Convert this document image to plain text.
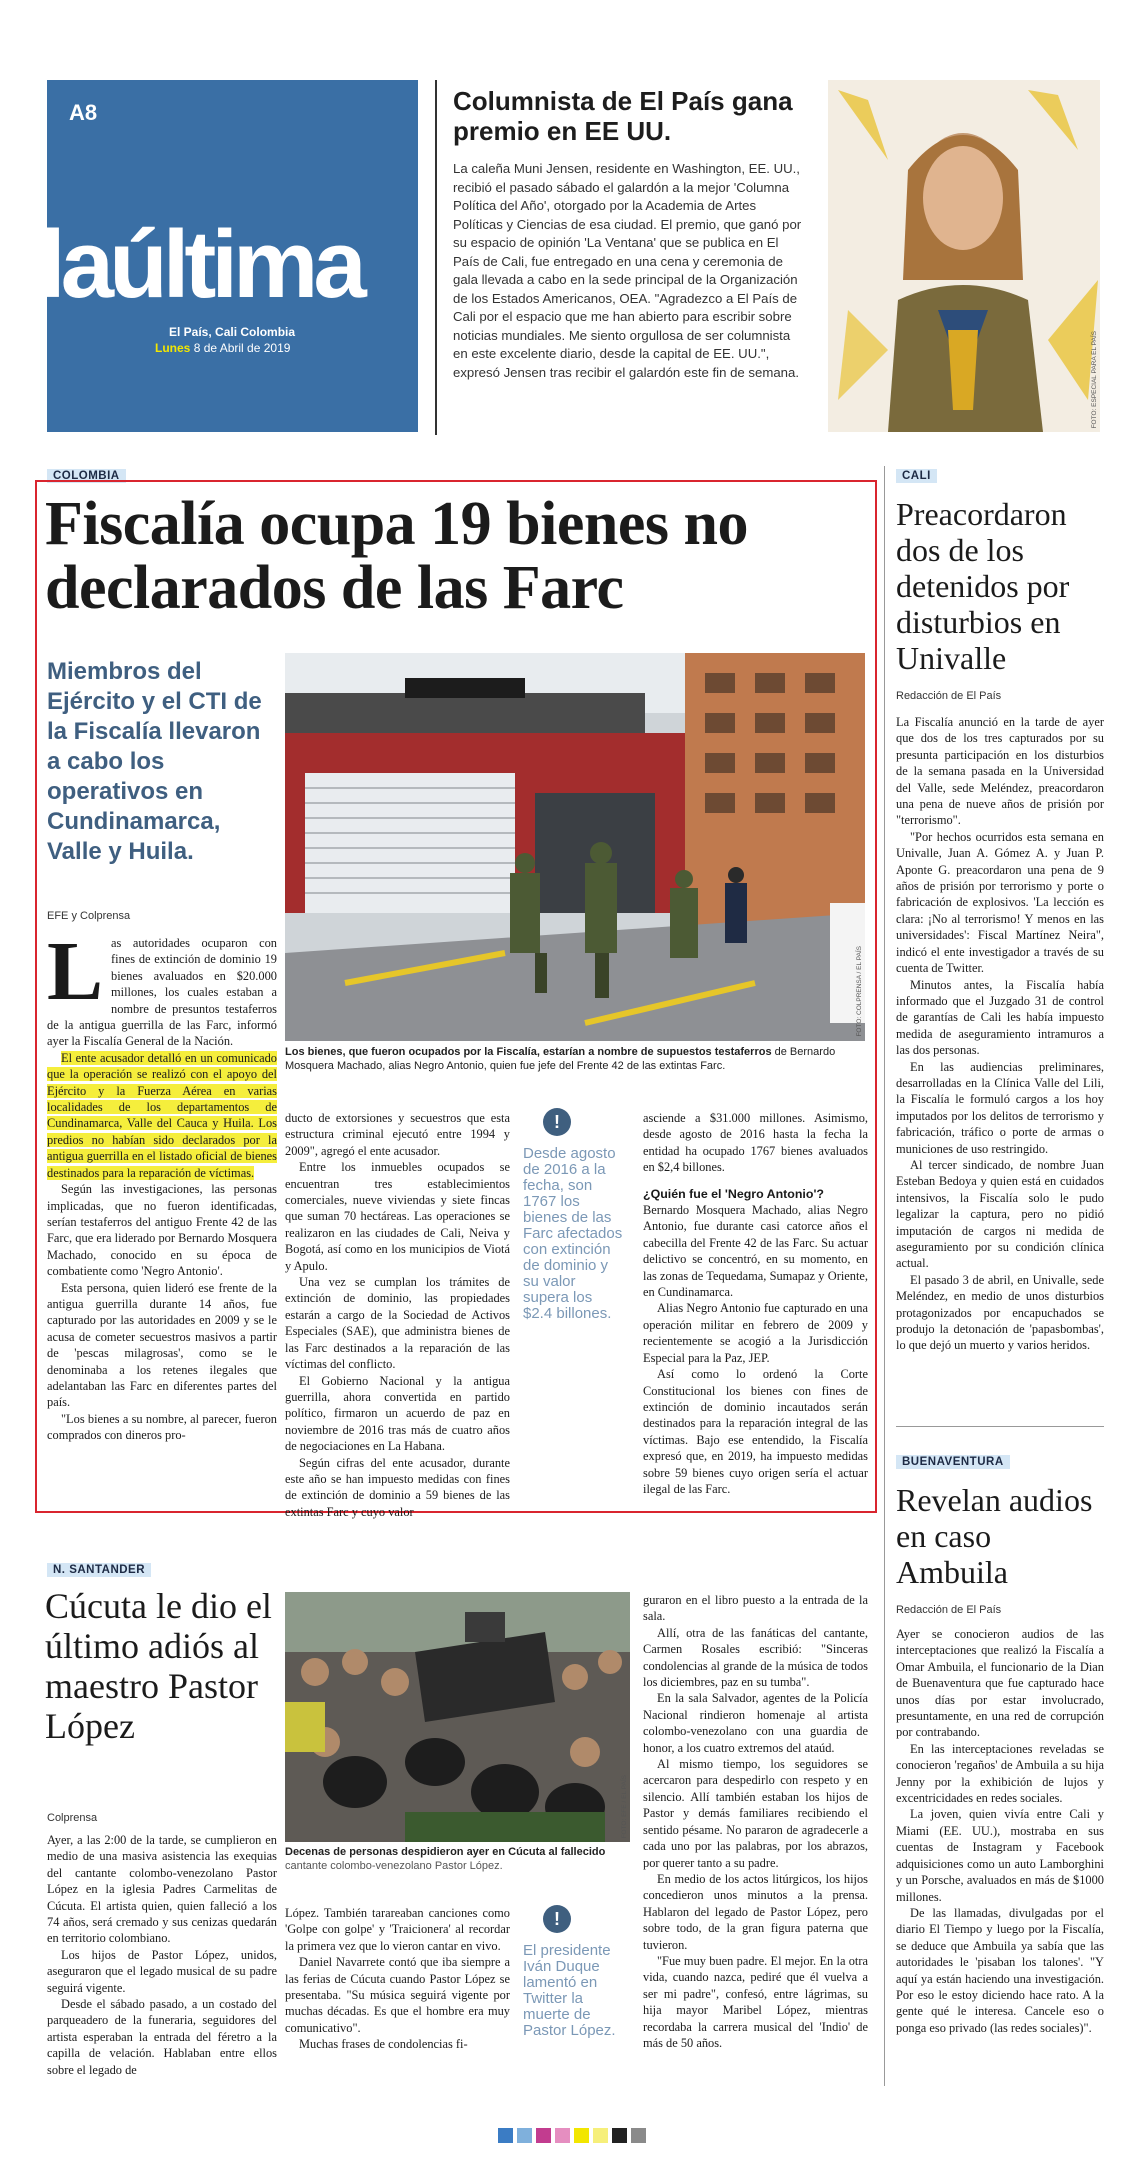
A8
laúltima
El País, Cali Colombia
Lunes 8 de Abril de 2019
Columnista de El País gana premio en EE UU.
La caleña Muni Jensen, residente en Washington, EE. UU., recibió el pasado sábado el galardón a la mejor 'Columna Política del Año', otorgado por la Academia de Artes Políticas y Ciencias de esa ciudad. El premio, que ganó por su espacio de opinión 'La Ventana' que se publica en El País de Cali, fue entregado en una cena y ceremonia de gala llevada a cabo en la sede principal de la Organización de los Estados Americanos, OEA. "Agradezco a El País de Cali por el espacio que me han abierto para escribir sobre noticias mundiales. Me siento orgullosa de ser columnista en este excelente diario, desde la capital de EE. UU.", expresó Jensen tras recibir el galardón este fin de semana.	FOTO: ESPECIAL PARA EL PAÍS
COLOMBIA
Fiscalía ocupa 19 bienes no declarados de las Farc
Miembros del Ejército y el CTI de la Fiscalía llevaron a cabo los operativos en Cundinamarca, Valle y Huila.
EFE y Colprensa
FOTO: COLPRENSA / EL PAÍS
Los bienes, que fueron ocupados por la Fiscalía, estarían a nombre de supuestos testaferros de Bernardo Mosquera Machado, alias Negro Antonio, quien fue jefe del Frente 42 de las extintas Farc.
L as autoridades ocuparon con fines de extinción de dominio 19 bienes avaluados en $20.000 millones, los cuales estaban a nombre de presuntos testaferros de la antigua guerrilla de las Farc, informó ayer la Fiscalía General de la Nación.

El ente acusador detalló en un comunicado que la operación se realizó con el apoyo del Ejército y la Fuerza Aérea en varias localidades de los departamentos de Cundinamarca, Valle del Cauca y Huila. Los predios no habían sido declarados por la antigua guerrilla en el listado oficial de bienes destinados para la reparación de víctimas.

Según las investigaciones, las personas implicadas, que no fueron identificadas, serían testaferros del antiguo Frente 42 de las Farc, que era liderado por Bernardo Mosquera Machado, conocido en su época de combatiente como 'Negro Antonio'.

Esta persona, quien lideró ese frente de la antigua guerrilla durante 14 años, fue capturado por las autoridades en 2009 y se le acusa de cometer secuestros masivos a partir de 'pescas milagrosas', como se le denominaba a los retenes ilegales que adelantaban las Farc en diferentes partes del país.

"Los bienes a su nombre, al parecer, fueron comprados con dineros pro-

ducto de extorsiones y secuestros que esta estructura criminal ejecutó entre 1994 y 2009", agregó el ente acusador.

Entre los inmuebles ocupados se encuentran tres establecimientos comerciales, nueve viviendas y siete fincas que suman 70 hectáreas. Las operaciones se realizaron en las ciudades de Cali, Neiva y Bogotá, así como en los municipios de Viotá y Apulo.

Una vez se cumplan los trámites de extinción de dominio, las propiedades estarán a cargo de la Sociedad de Activos Especiales (SAE), que administra bienes de las Farc destinados a la reparación de las víctimas del conflicto.

El Gobierno Nacional y la antigua guerrilla, ahora convertida en partido político, firmaron un acuerdo de paz en noviembre de 2016 tras más de cuatro años de negociaciones en La Habana.

Según cifras del ente acusador, durante este año se han impuesto medidas con fines de extinción de dominio a 59 bienes de las extintas Farc y cuyo valor

!
Desde agosto de 2016 a la fecha, son 1767 los bienes de las Farc afectados con extinción de dominio y su valor supera los $2.4 billones.

asciende a $31.000 millones. Asimismo, desde agosto de 2016 hasta la fecha la entidad ha ocupado 1767 bienes avaluados en $2,4 billones.

¿Quién fue el 'Negro Antonio'?

Bernardo Mosquera Machado, alias Negro Antonio, fue durante casi catorce años el cabecilla del Frente 42 de las Farc. Su actuar delictivo se concentró, en su momento, en las zonas de Tequedama, Sumapaz y Oriente, en Cundinamarca.

Alias Negro Antonio fue capturado en una operación militar en febrero de 2009 y recientemente se acogió a la Jurisdicción Especial para la Paz, JEP.

Así como lo ordenó la Corte Constitucional los bienes con fines de extinción de dominio incautados serán destinados para la reparación integral de las víctimas. Bajo ese entendido, la Fiscalía expresó que, en 2019, ha impuesto medidas sobre 59 bienes cuyo origen sería el actuar ilegal de las Farc.

CALI
Preacordaron dos de los detenidos por disturbios en Univalle
Redacción de El País

La Fiscalía anunció en la tarde de ayer que dos de los tres capturados por su presunta participación en los disturbios de la semana pasada en la Universidad del Valle, sede Meléndez, preacordaron una pena de nueve años de prisión por "terrorismo".

"Por hechos ocurridos esta semana en Univalle, Juan A. Gómez A. y Juan P. Aponte G. preacordaron una pena de 9 años de prisión por terrorismo y porte o fabricación de explosivos. 'La lección es clara: ¡No al terrorismo! Y menos en las universidades': Fiscal Martínez Neira", indicó el ente investigador a través de su cuenta de Twitter.

Minutos antes, la Fiscalía había informado que el Juzgado 31 de control de garantías de Cali les había impuesto medida de aseguramiento intramuros a las dos personas.

En las audiencias preliminares, desarrolladas en la Clínica Valle del Lili, la Fiscalía le formuló cargos a los hoy imputados por los delitos de terrorismo y fabricación, tráfico o porte de armas o municiones de uso restringido.

Al tercer sindicado, de nombre Juan Esteban Bedoya y quien está en cuidados intensivos, la Fiscalía solo le pudo legalizar la captura, pero no pidió imputación de cargos ni medida de aseguramiento por su condición clínica actual.

El pasado 3 de abril, en Univalle, sede Meléndez, en medio de unos disturbios protagonizados por encapuchados se produjo la detonación de 'papasbombas', lo que dejó un muerto y varios heridos.

BUENAVENTURA
Revelan audios en caso Ambuila
Redacción de El País

Ayer se conocieron audios de las interceptaciones que realizó la Fiscalía a Omar Ambuila, el funcionario de la Dian de Buenaventura que fue capturado hace unos días por estar involucrado, presuntamente, en una red de corrupción por contrabando.

En las interceptaciones reveladas se conocieron 'regaños' de Ambuila a su hija Jenny por la exhibición de lujos y excentricidades en redes sociales.

La joven, quien vivía entre Cali y Miami (EE. UU.), mostraba en sus cuentas de Instagram y Facebook adquisiciones como un auto Lamborghini y un Porsche, avaluados en más de $1000 millones.

De las llamadas, divulgadas por el diario El Tiempo y luego por la Fiscalía, se deduce que Ambuila ya sabía que las autoridades le 'pisaban los talones'. "Y aquí ya están haciendo una investigación. Por eso le estoy diciendo hace rato. A la gente qué le interesa. Cancele eso o ponga eso privado (las redes sociales)".

N. SANTANDER
Cúcuta le dio el último adiós al maestro Pastor López
Colprensa	FOTO: EFE / EL PAÍS
Decenas de personas despidieron ayer en Cúcuta al fallecido
cantante colombo-venezolano Pastor López.

Ayer, a las 2:00 de la tarde, se cumplieron en medio de una masiva asistencia las exequias del cantante colombo-venezolano Pastor López en la iglesia Padres Carmelitas de Cúcuta. El artista quien, quien falleció a los 74 años, será cremado y sus cenizas quedarán en territorio colombiano.

Los hijos de Pastor López, unidos, aseguraron que el legado musical de su padre seguirá vigente.

Desde el sábado pasado, a un costado del parqueadero de la funeraria, seguidores del artista esperaban la entrada del féretro a la capilla de velación. Hablaban entre ellos sobre el legado de

López. También tarareaban canciones como 'Golpe con golpe' y 'Traicionera' al recordar la primera vez que lo vieron cantar en vivo.

Daniel Navarrete contó que iba siempre a las ferias de Cúcuta cuando Pastor López se presentaba. "Su música seguirá vigente por muchas décadas. Es que el hombre era muy comunicativo".

Muchas frases de condolencias fi-

!
El presidente Iván Duque lamentó en Twitter la muerte de Pastor López.

guraron en el libro puesto a la entrada de la sala.

Allí, otra de las fanáticas del cantante, Carmen Rosales escribió: "Sinceras condolencias al grande de la música de todos los diciembres, paz en su tumba".

En la sala Salvador, agentes de la Policía Nacional rindieron homenaje al artista colombo-venezolano con una guardia de honor, a los cuatro extremos del ataúd.

Al mismo tiempo, los seguidores se acercaron para despedirlo con respeto y en silencio. Allí también estaban los hijos de Pastor y demás familiares recibiendo el sentido pésame. No pararon de agradecerle a cada uno por las palabras, por los abrazos, por querer tanto a su padre.

En medio de los actos litúrgicos, los hijos concedieron unos minutos a la prensa. Hablaron del legado de Pastor López, pero sobre todo, de la gran figura paterna que tuvieron.

"Fue muy buen padre. El mejor. En la otra vida, cuando nazca, pediré que él vuelva a ser mi padre", confesó, entre lágrimas, su hija mayor Maribel López, mientras recordaba la carrera musical del 'Indio' de más de 50 años.
